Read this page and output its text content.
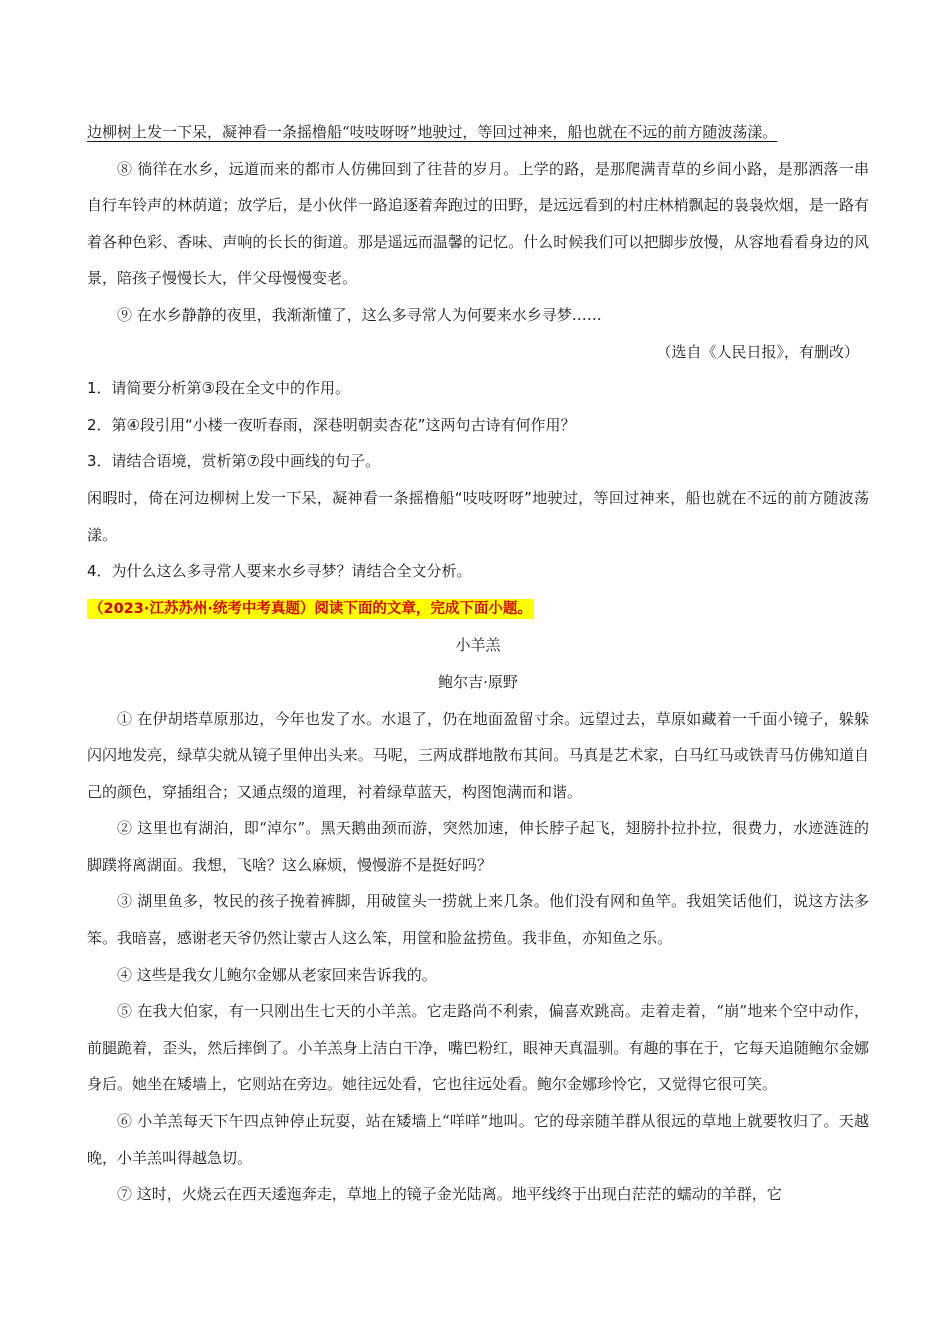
边柳树上发一下呆，凝神看一条摇橹船“吱吱呀呀”地驶过，等回过神来，船也就在不远的前方随波荡漾。

⑧ 徜徉在水乡，远道而来的都市人仿佛回到了往昔的岁月。上学的路，是那爬满青草的乡间小路，是那洒落一串自行车铃声的林荫道；放学后，是小伙伴一路追逐着奔跑过的田野，是远远看到的村庄林梢飘起的袅袅炊烟，是一路有着各种色彩、香味、声响的长长的街道。那是遥远而温馨的记忆。什么时候我们可以把脚步放慢，从容地看看身边的风景，陪孩子慢慢长大，伴父母慢慢变老。

⑨ 在水乡静静的夜里，我渐渐懂了，这么多寻常人为何要来水乡寻梦……

（选自《人民日报》，有删改）

1．请简要分析第③段在全文中的作用。

2．第④段引用“小楼一夜听春雨，深巷明朝卖杏花”这两句古诗有何作用？

3．请结合语境，赏析第⑦段中画线的句子。

闲暇时，倚在河边柳树上发一下呆，凝神看一条摇橹船“吱吱呀呀”地驶过，等回过神来，船也就在不远的前方随波荡漾。

4．为什么这么多寻常人要来水乡寻梦？请结合全文分析。

（2023·江苏苏州·统考中考真题）阅读下面的文章，完成下面小题。

小羊羔

鲍尔吉·原野

① 在伊胡塔草原那边，今年也发了水。水退了，仍在地面盈留寸余。远望过去，草原如藏着一千面小镜子，躲躲闪闪地发亮，绿草尖就从镜子里伸出头来。马呢，三两成群地散布其间。马真是艺术家，白马红马或铁青马仿佛知道自己的颜色，穿插组合；又通点缀的道理，衬着绿草蓝天，构图饱满而和谐。

② 这里也有湖泊，即“淖尔”。黑天鹅曲颈而游，突然加速，伸长脖子起飞，翅膀扑拉扑拉，很费力，水迹涟涟的脚蹼将离湖面。我想，飞啥？这么麻烦，慢慢游不是挺好吗？

③ 湖里鱼多，牧民的孩子挽着裤脚，用破筐头一捞就上来几条。他们没有网和鱼竿。我姐笑话他们，说这方法多笨。我暗喜，感谢老天爷仍然让蒙古人这么笨，用筐和脸盆捞鱼。我非鱼，亦知鱼之乐。

④ 这些是我女儿鲍尔金娜从老家回来告诉我的。

⑤ 在我大伯家，有一只刚出生七天的小羊羔。它走路尚不利索，偏喜欢跳高。走着走着，“崩”地来个空中动作，前腿跪着，歪头，然后摔倒了。小羊羔身上洁白干净，嘴巴粉红，眼神天真温驯。有趣的事在于，它每天追随鲍尔金娜身后。她坐在矮墙上，它则站在旁边。她往远处看，它也往远处看。鲍尔金娜珍怜它，又觉得它很可笑。

⑥ 小羊羔每天下午四点钟停止玩耍，站在矮墙上“咩咩”地叫。它的母亲随羊群从很远的草地上就要牧归了。天越晚，小羊羔叫得越急切。

⑦ 这时，火烧云在西天逶迤奔走，草地上的镜子金光陆离。地平线终于出现白茫茫的蠕动的羊群，它
